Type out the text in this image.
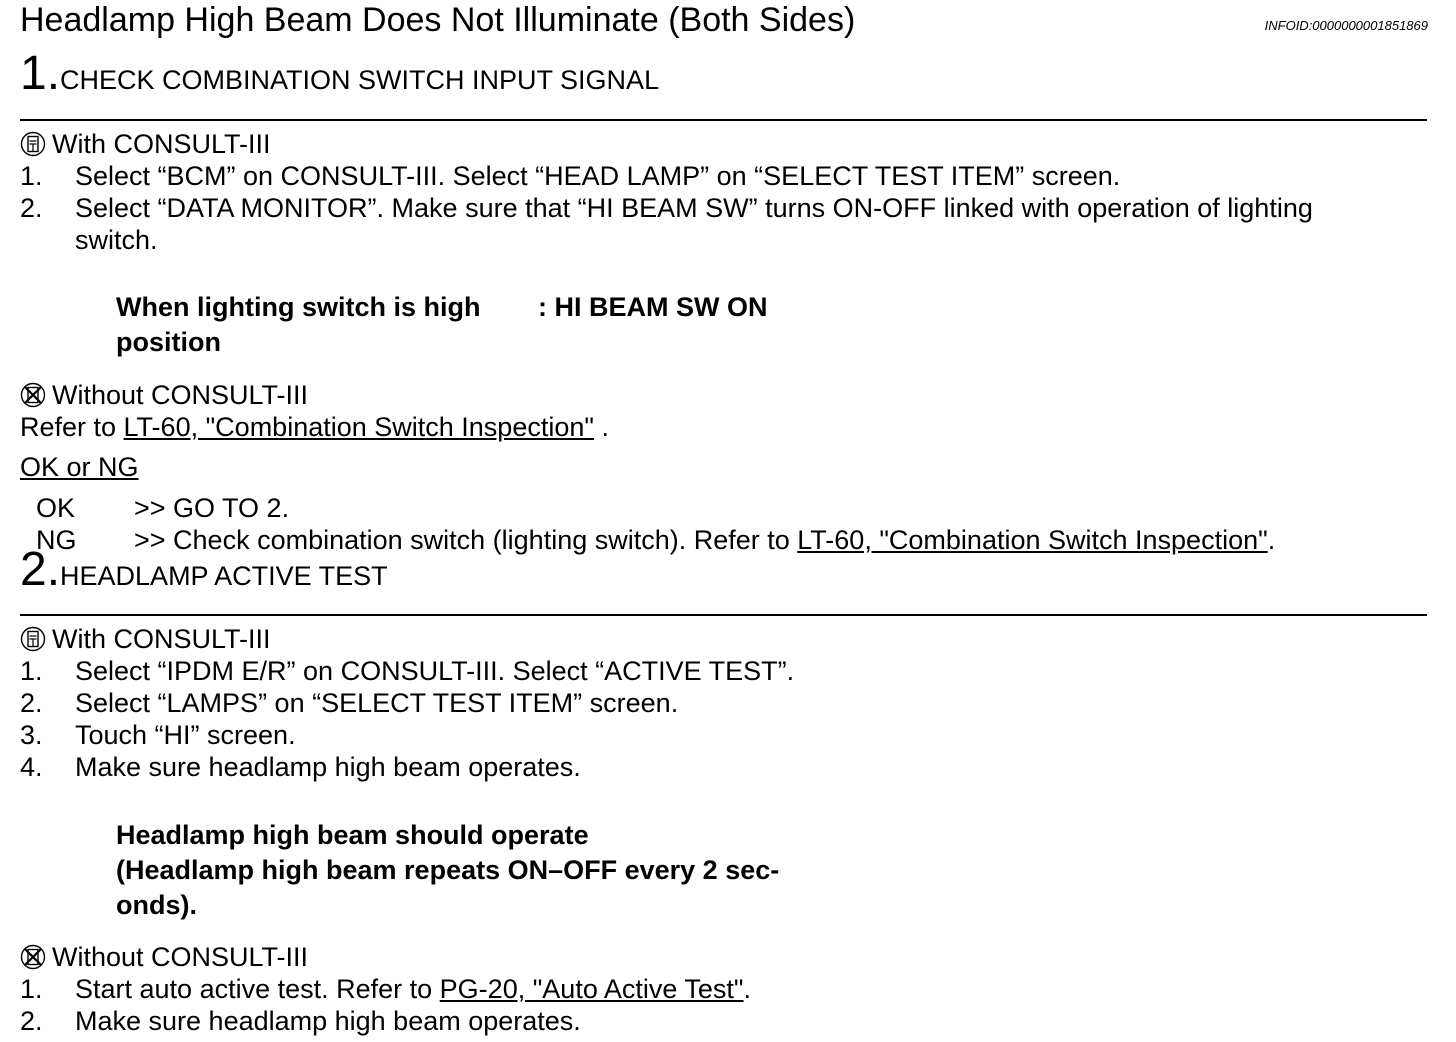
Headlamp High Beam Does Not Illuminate (Both Sides)	INFOID:0000000001851869
1.CHECK COMBINATION SWITCH INPUT SIGNAL
With CONSULT-III
1. Select “BCM” on CONSULT-III. Select “HEAD LAMP” on “SELECT TEST ITEM” screen.
2. Select “DATA MONITOR”. Make sure that “HI BEAM SW” turns ON-OFF linked with operation of lighting
switch.
When lighting switch is high
position
: HI BEAM SW ON
Without CONSULT-III
Refer to LT-60, "Combination Switch Inspection" .
OK or NG
OK >> GO TO 2.
NG >> Check combination switch (lighting switch). Refer to LT-60, "Combination Switch Inspection".
2.HEADLAMP ACTIVE TEST
With CONSULT-III
1. Select “IPDM E/R” on CONSULT-III. Select “ACTIVE TEST”.
2. Select “LAMPS” on “SELECT TEST ITEM” screen.
3. Touch “HI” screen.
4. Make sure headlamp high beam operates.
Headlamp high beam should operate
(Headlamp high beam repeats ON–OFF every 2 sec-
onds).
Without CONSULT-III
1. Start auto active test. Refer to PG-20, "Auto Active Test".
2. Make sure headlamp high beam operates.
